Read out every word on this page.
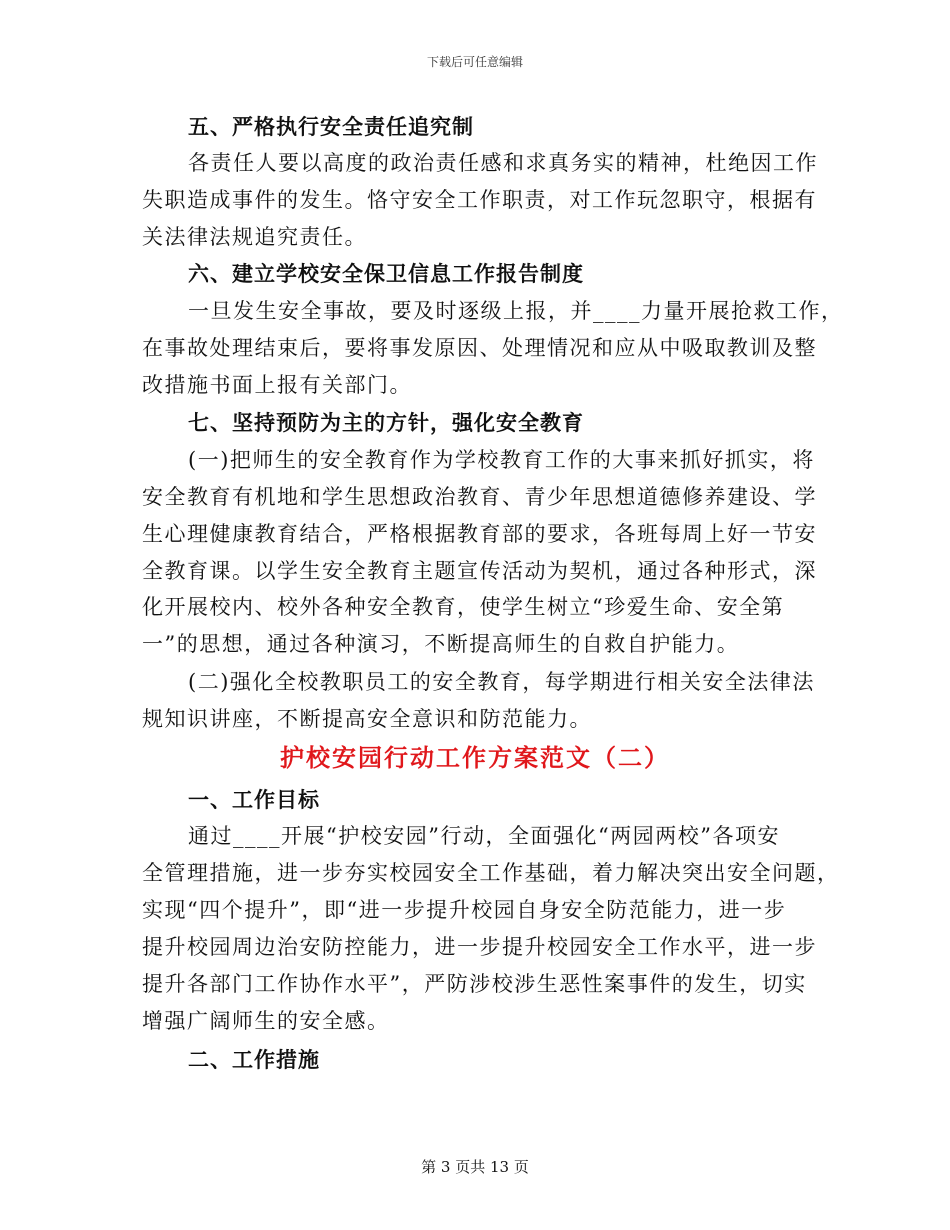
下载后可任意编辑
五、严格执行安全责任追究制
各责任人要以高度的政治责任感和求真务实的精神，杜绝因工作
失职造成事件的发生。恪守安全工作职责，对工作玩忽职守，根据有
关法律法规追究责任。
六、建立学校安全保卫信息工作报告制度
一旦发生安全事故，要及时逐级上报，并____力量开展抢救工作，
在事故处理结束后，要将事发原因、处理情况和应从中吸取教训及整
改措施书面上报有关部门。
七、坚持预防为主的方针，强化安全教育
(一)把师生的安全教育作为学校教育工作的大事来抓好抓实，将
安全教育有机地和学生思想政治教育、青少年思想道德修养建设、学
生心理健康教育结合，严格根据教育部的要求，各班每周上好一节安
全教育课。以学生安全教育主题宣传活动为契机，通过各种形式，深
化开展校内、校外各种安全教育，使学生树立“珍爱生命、安全第
一”的思想，通过各种演习，不断提高师生的自救自护能力。
(二)强化全校教职员工的安全教育，每学期进行相关安全法律法
规知识讲座，不断提高安全意识和防范能力。
护校安园行动工作方案范文（二）
一、工作目标
通过____开展“护校安园”行动，全面强化“两园两校”各项安
全管理措施，进一步夯实校园安全工作基础，着力解决突出安全问题，
实现“四个提升”，即“进一步提升校园自身安全防范能力，进一步
提升校园周边治安防控能力，进一步提升校园安全工作水平，进一步
提升各部门工作协作水平”，严防涉校涉生恶性案事件的发生，切实
增强广阔师生的安全感。
二、工作措施
第 3 页共 13 页
